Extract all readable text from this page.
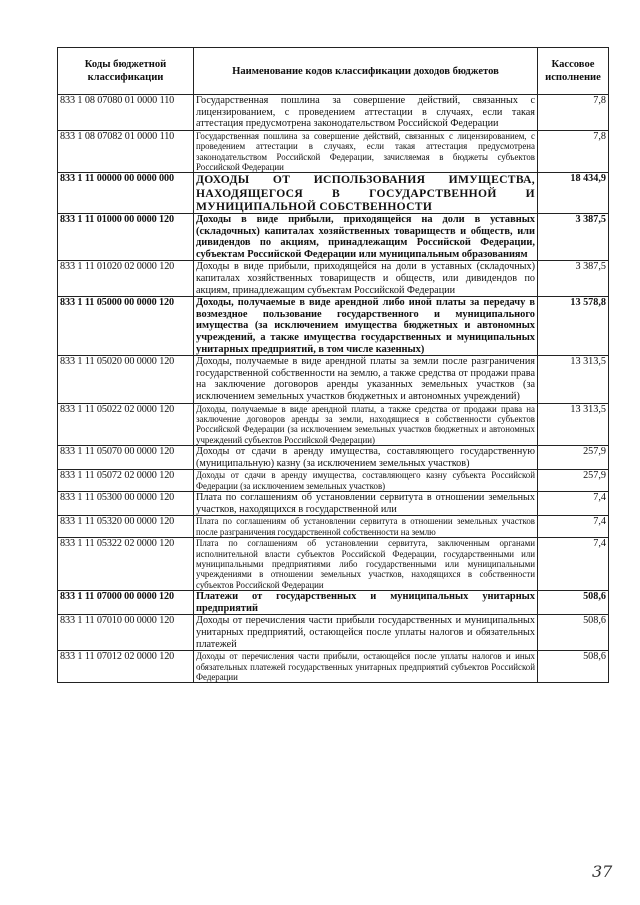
Коды бюджетной классификации	Наименование кодов классификации доходов бюджетов	Кассовое исполнение
833 1 08 07080 01 0000 110	Государственная пошлина за совершение действий, связанных с лицензированием, с проведением аттестации в случаях, если такая аттестация предусмотрена законодательством Российской Федерации	7,8
833 1 08 07082 01 0000 110	Государственная пошлина за совершение действий, связанных с лицензированием, с проведением аттестации в случаях, если такая аттестация предусмотрена законодательством Российской Федерации, зачисляемая в бюджеты субъектов Российской Федерации	7,8
833 1 11 00000 00 0000 000	ДОХОДЫ ОТ ИСПОЛЬЗОВАНИЯ ИМУЩЕСТВА, НАХОДЯЩЕГОСЯ В ГОСУДАРСТВЕННОЙ И МУНИЦИПАЛЬНОЙ СОБСТВЕННОСТИ	18 434,9
833 1 11 01000 00 0000 120	Доходы в виде прибыли, приходящейся на доли в уставных (складочных) капиталах хозяйственных товариществ и обществ, или дивидендов по акциям, принадлежащим Российской Федерации, субъектам Российской Федерации или муниципальным образованиям	3 387,5
833 1 11 01020 02 0000 120	Доходы в виде прибыли, приходящейся на доли в уставных (складочных) капиталах хозяйственных товариществ и обществ, или дивидендов по акциям, принадлежащим субъектам Российской Федерации	3 387,5
833 1 11 05000 00 0000 120	Доходы, получаемые в виде арендной либо иной платы за передачу в возмездное пользование государственного и муниципального имущества (за исключением имущества бюджетных и автономных учреждений, а также имущества государственных и муниципальных унитарных предприятий, в том числе казенных)	13 578,8
833 1 11 05020 00 0000 120	Доходы, получаемые в виде арендной платы за земли после разграничения государственной собственности на землю, а также средства от продажи права на заключение договоров аренды указанных земельных участков (за исключением земельных участков бюджетных и автономных учреждений)	13 313,5
833 1 11 05022 02 0000 120	Доходы, получаемые в виде арендной платы, а также средства от продажи права на заключение договоров аренды за земли, находящиеся в собственности субъектов Российской Федерации (за исключением земельных участков бюджетных и автономных учреждений субъектов Российской Федерации)	13 313,5
833 1 11 05070 00 0000 120	Доходы от сдачи в аренду имущества, составляющего государственную (муниципальную) казну (за исключением земельных участков)	257,9
833 1 11 05072 02 0000 120	Доходы от сдачи в аренду имущества, составляющего казну субъекта Российской Федерации (за исключением земельных участков)	257,9
833 1 11 05300 00 0000 120	Плата по соглашениям об установлении сервитута в отношении земельных участков, находящихся в государственной или	7,4
833 1 11 05320 00 0000 120	Плата по соглашениям об установлении сервитута в отношении земельных участков после разграничения государственной собственности на землю	7,4
833 1 11 05322 02 0000 120	Плата по соглашениям об установлении сервитута, заключенным органами исполнительной власти субъектов Российской Федерации, государственными или муниципальными предприятиями либо государственными или муниципальными учреждениями в отношении земельных участков, находящихся в собственности субъектов Российской Федерации	7,4
833 1 11 07000 00 0000 120	Платежи от государственных и муниципальных унитарных предприятий	508,6
833 1 11 07010 00 0000 120	Доходы от перечисления части прибыли государственных и муниципальных унитарных предприятий, остающейся после уплаты налогов и обязательных платежей	508,6
833 1 11 07012 02 0000 120	Доходы от перечисления части прибыли, остающейся после уплаты налогов и иных обязательных платежей государственных унитарных предприятий субъектов Российской Федерации	508,6
37
